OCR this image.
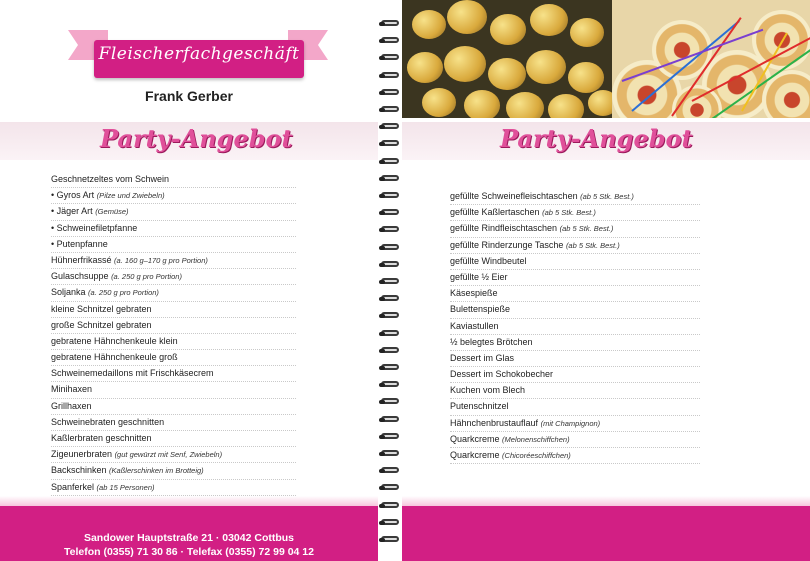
Fleischerfachgeschäft
Frank Gerber
Party-Angebot
Geschnetzeltes vom Schwein
• Gyros Art (Pilze und Zwiebeln)
• Jäger Art (Gemüse)
• Schweinefiletpfanne
• Putenpfanne
Hühnerfrikassé (a. 160 g–170 g pro Portion)
Gulaschsuppe (a. 250 g pro Portion)
Soljanka (a. 250 g pro Portion)
kleine Schnitzel gebraten
große Schnitzel gebraten
gebratene Hähnchenkeule klein
gebratene Hähnchenkeule groß
Schweinemedaillons mit Frischkäsecrem
Minihaxen
Grillhaxen
Schweinebraten geschnitten
Kaßlerbraten geschnitten
Zigeunerbraten (gut gewürzt mit Senf, Zwiebeln)
Backschinken (Kaßlerschinken im Brotteig)
Spanferkel (ab 15 Personen)
Sandower Hauptstraße 21 · 03042 Cottbus
Telefon (0355) 71 30 86 · Telefax (0355) 72 99 04 12
Party-Angebot
gefüllte Schweinefleischtaschen (ab 5 Stk. Best.)
gefüllte Kaßlertaschen (ab 5 Stk. Best.)
gefüllte Rindfleischtaschen (ab 5 Stk. Best.)
gefüllte Rinderzunge Tasche (ab 5 Stk. Best.)
gefüllte Windbeutel
gefüllte ½ Eier
Käsespieße
Bulettenspieße
Kaviastullen
½ belegtes Brötchen
Dessert im Glas
Dessert im Schokobecher
Kuchen vom Blech
Putenschnitzel
Hähnchenbrustauflauf (mit Champignon)
Quarkcreme (Melonenschiffchen)
Quarkcreme (Chicoréeschiffchen)
